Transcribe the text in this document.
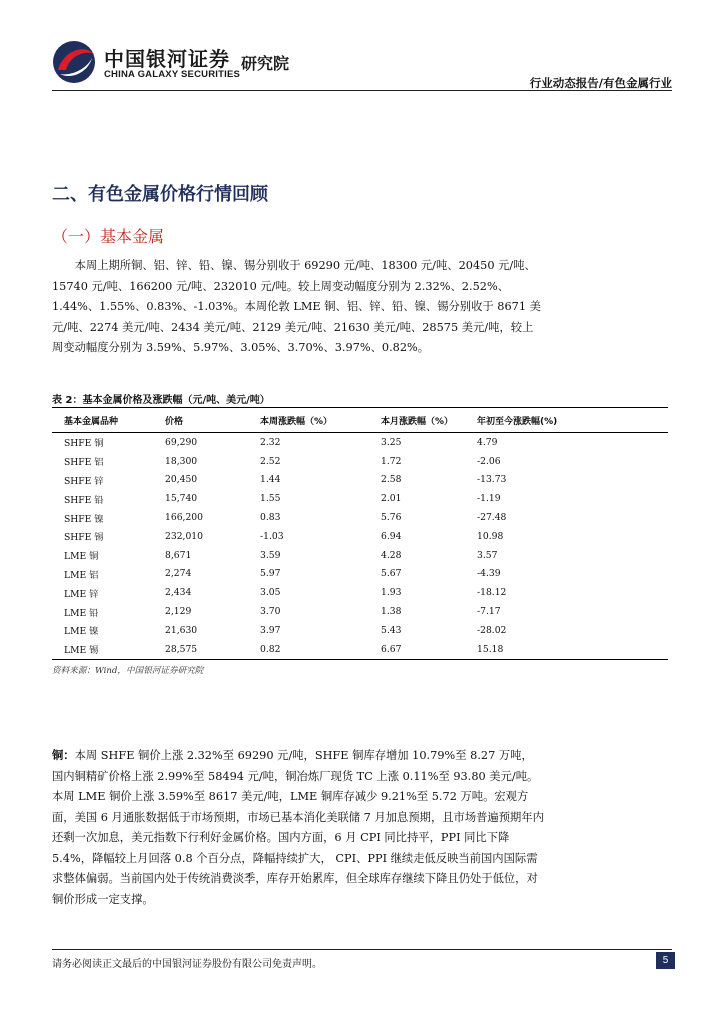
中国银河证券
CHINA GALAXY SECURITIES
研究院
行业动态报告/有色金属行业
二、有色金属价格行情回顾
（一）基本金属
本周上期所铜、铝、锌、铅、镍、锡分别收于 69290 元/吨、18300 元/吨、20450 元/吨、15740 元/吨、166200 元/吨、232010 元/吨。较上周变动幅度分别为 2.32%、2.52%、1.44%、1.55%、0.83%、-1.03%。本周伦敦 LME 铜、铝、锌、铅、镍、锡分别收于 8671 美元/吨、2274 美元/吨、2434 美元/吨、2129 美元/吨、21630 美元/吨、28575 美元/吨，较上周变动幅度分别为 3.59%、5.97%、3.05%、3.70%、3.97%、0.82%。
表 2：基本金属价格及涨跌幅（元/吨、美元/吨）
基本金属品种	价格	本周涨跌幅（%）	本月涨跌幅（%）	年初至今涨跌幅(%)
SHFE 铜	69,290	2.32	3.25	4.79
SHFE 铝	18,300	2.52	1.72	-2.06
SHFE 锌	20,450	1.44	2.58	-13.73
SHFE 铅	15,740	1.55	2.01	-1.19
SHFE 镍	166,200	0.83	5.76	-27.48
SHFE 锡	232,010	-1.03	6.94	10.98
LME 铜	8,671	3.59	4.28	3.57
LME 铝	2,274	5.97	5.67	-4.39
LME 锌	2,434	3.05	1.93	-18.12
LME 铅	2,129	3.70	1.38	-7.17
LME 镍	21,630	3.97	5.43	-28.02
LME 锡	28,575	0.82	6.67	15.18
资料来源：Wind，中国银河证券研究院
铜：本周 SHFE 铜价上涨 2.32%至 69290 元/吨，SHFE 铜库存增加 10.79%至 8.27 万吨，国内铜精矿价格上涨 2.99%至 58494 元/吨，铜冶炼厂现货 TC 上涨 0.11%至 93.80 美元/吨。本周 LME 铜价上涨 3.59%至 8617 美元/吨，LME 铜库存减少 9.21%至 5.72 万吨。宏观方面，美国 6 月通胀数据低于市场预期，市场已基本消化美联储 7 月加息预期，且市场普遍预期年内还剩一次加息，美元指数下行利好金属价格。国内方面，6 月 CPI 同比持平，PPI 同比下降 5.4%，降幅较上月回落 0.8 个百分点，降幅持续扩大， CPI、PPI 继续走低反映当前国内国际需求整体偏弱。当前国内处于传统消费淡季，库存开始累库，但全球库存继续下降且仍处于低位，对铜价形成一定支撑。
请务必阅读正文最后的中国银河证券股份有限公司免责声明。	5
